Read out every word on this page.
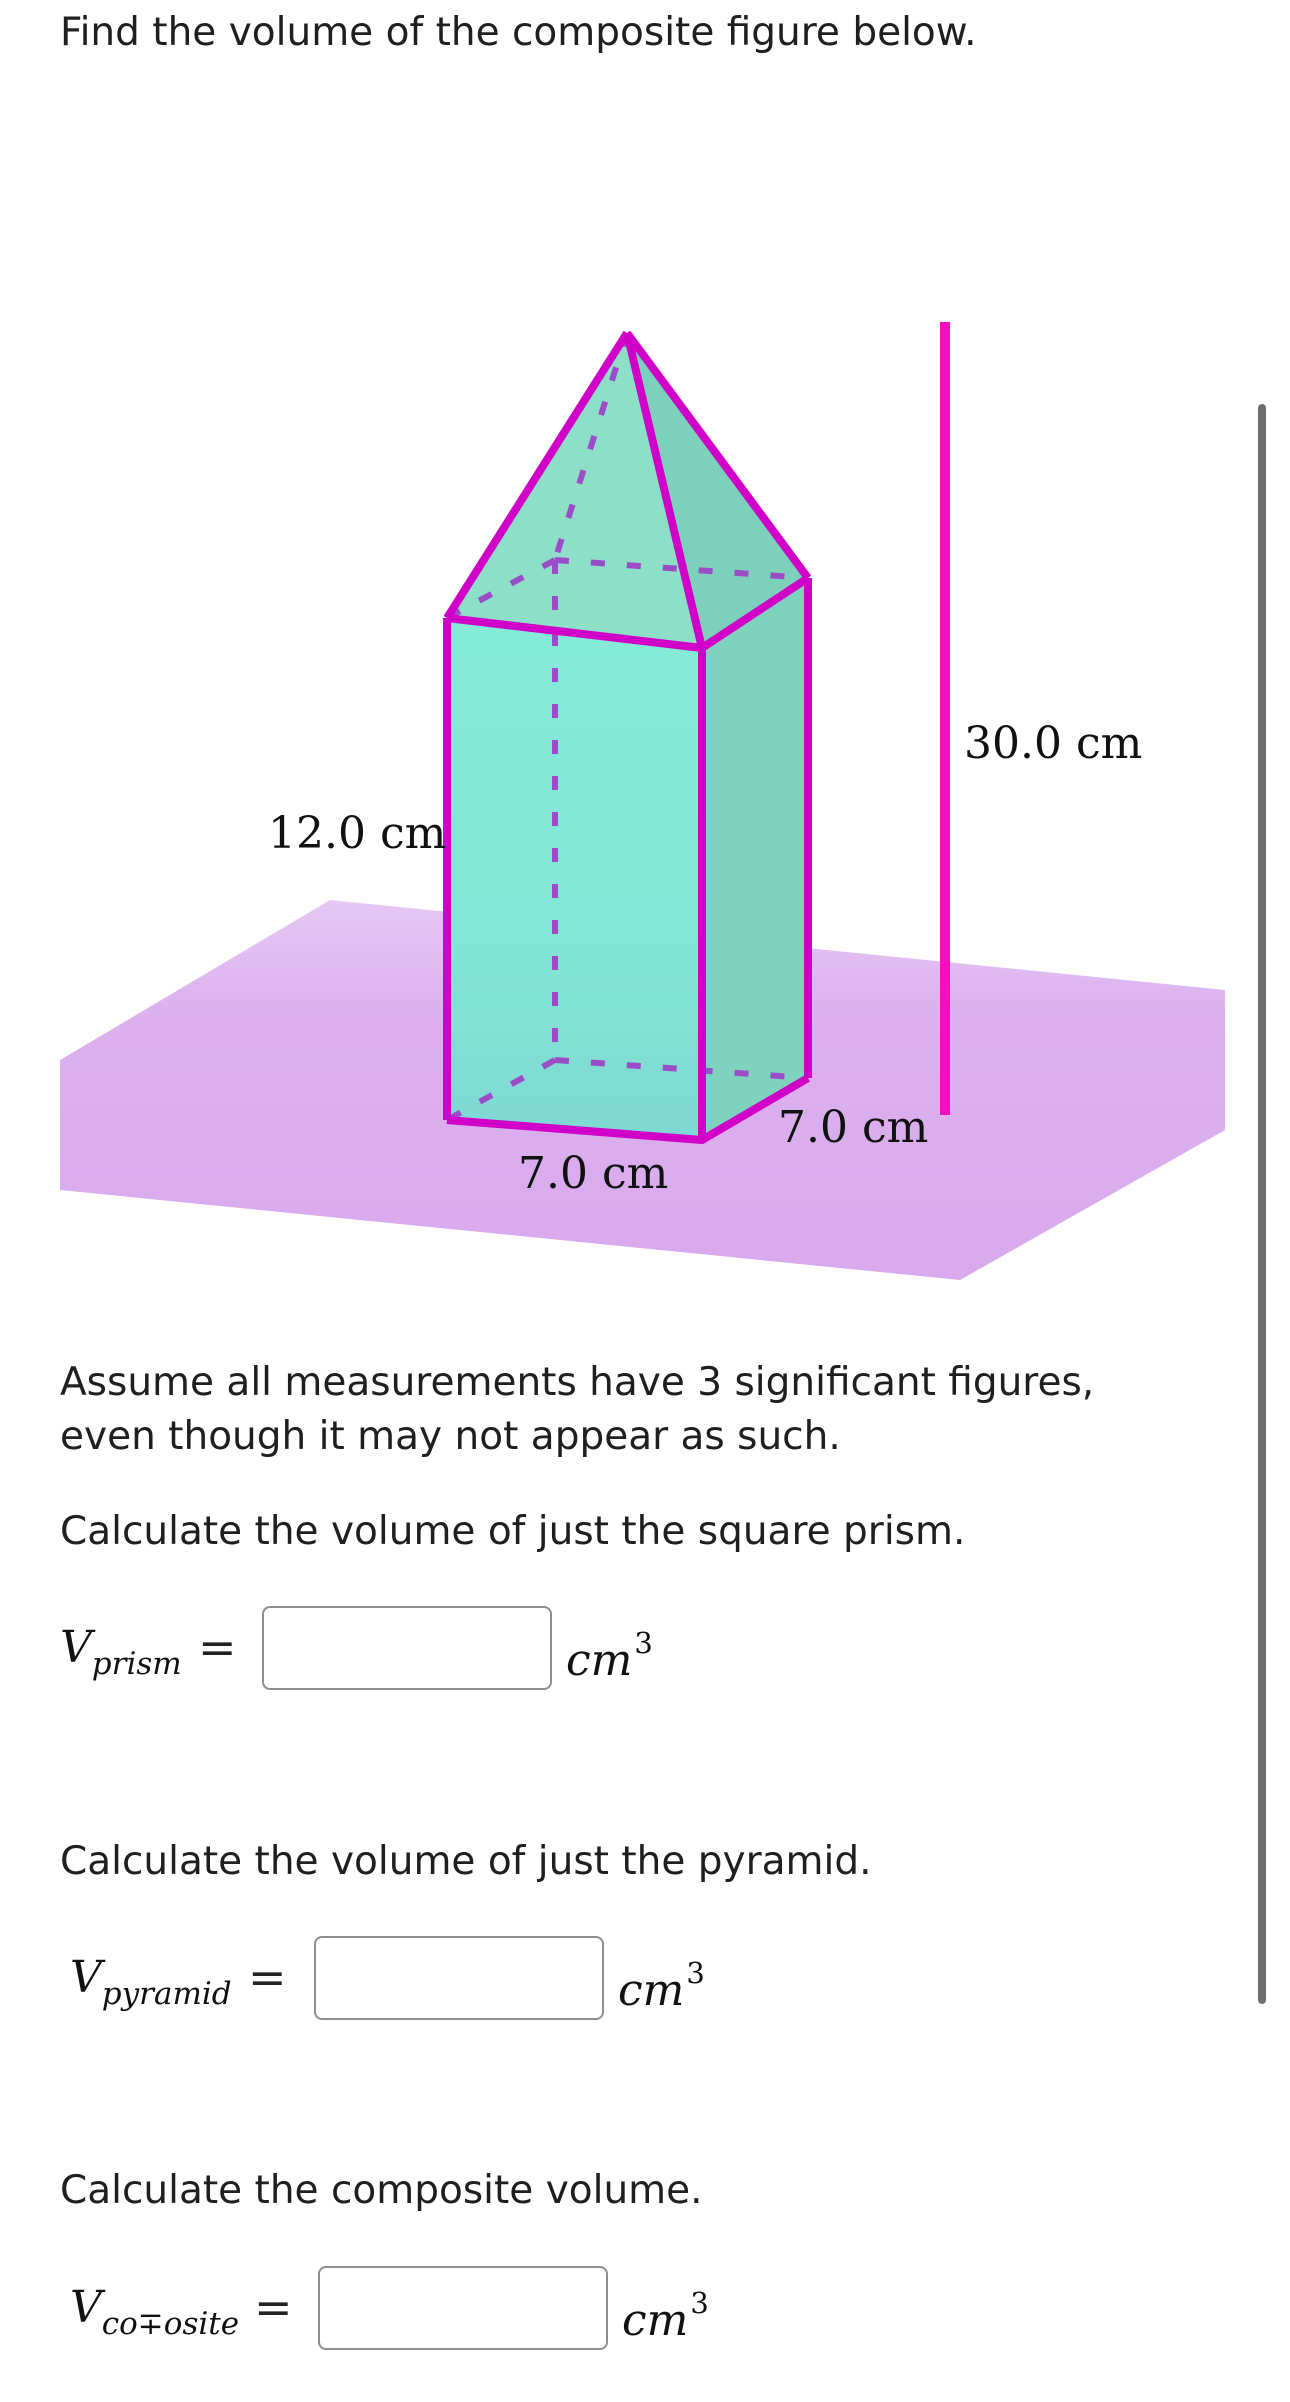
Find the volume of the composite figure below.

12.0 cm
30.0 cm
7.0 cm
7.0 cm

Assume all measurements have 3 significant figures, even though it may not appear as such.

Calculate the volume of just the square prism.

$V_{prism}$ =	$cm^3$

Calculate the volume of just the pyramid.

$V_{pyramid}$ =	$cm^3$

Calculate the composite volume.

$V_{co\mp osite}$ =	$cm^3$
